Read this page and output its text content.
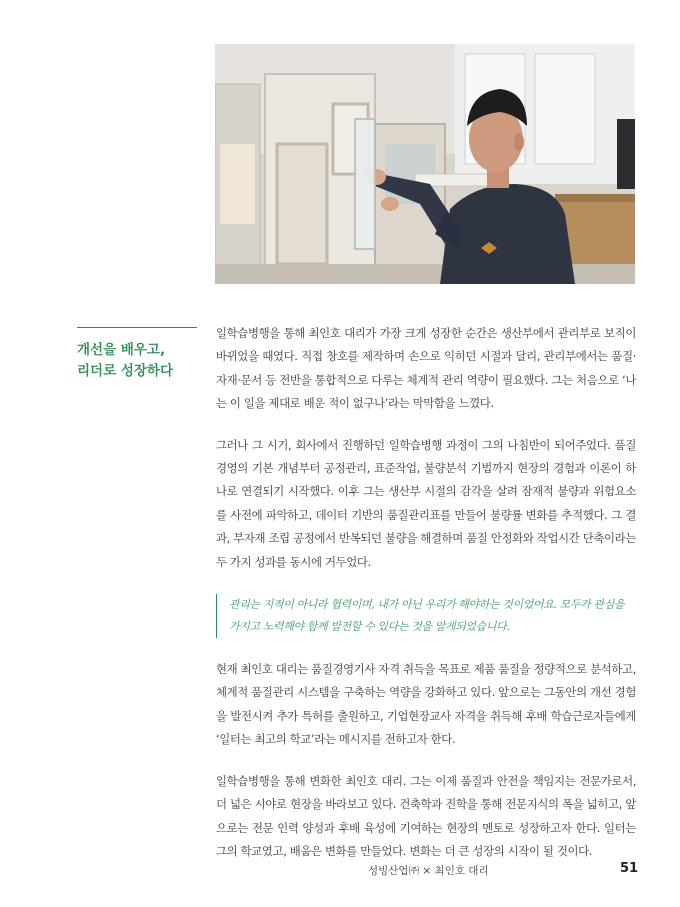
개선을 배우고,
리더로 성장하다

일학습병행을 통해 최인호 대리가 가장 크게 성장한 순간은 생산부에서 관리부로 보직이 바뀌었을 때였다. 직접 창호를 제작하며 손으로 익히던 시절과 달리, 관리부에서는 품질·자재·문서 등 전반을 통합적으로 다루는 체계적 관리 역량이 필요했다. 그는 처음으로 ‘나는 이 일을 제대로 배운 적이 없구나’라는 막막함을 느꼈다.

그러나 그 시기, 회사에서 진행하던 일학습병행 과정이 그의 나침반이 되어주었다. 품질경영의 기본 개념부터 공정관리, 표준작업, 불량분석 기법까지 현장의 경험과 이론이 하나로 연결되기 시작했다. 이후 그는 생산부 시절의 감각을 살려 잠재적 불량과 위험요소를 사전에 파악하고, 데이터 기반의 품질관리표를 만들어 불량률 변화를 추적했다. 그 결과, 부자재 조립 공정에서 반복되던 불량을 해결하며 품질 안정화와 작업시간 단축이라는 두 가지 성과를 동시에 거두었다.

관리는 지적이 아니라 협력이며, 내가 아닌 우리가 해야하는 것이었어요. 모두가 관심을 가지고 노력해야 함께 발전할 수 있다는 것을 알게되었습니다.

현재 최인호 대리는 품질경영기사 자격 취득을 목표로 제품 품질을 정량적으로 분석하고, 체계적 품질관리 시스템을 구축하는 역량을 강화하고 있다. 앞으로는 그동안의 개선 경험을 발전시켜 추가 특허를 출원하고, 기업현장교사 자격을 취득해 후배 학습근로자들에게 ‘일터는 최고의 학교’라는 메시지를 전하고자 한다.

일학습병행을 통해 변화한 최인호 대리. 그는 이제 품질과 안전을 책임지는 전문가로서, 더 넓은 시야로 현장을 바라보고 있다. 건축학과 진학을 통해 전문지식의 폭을 넓히고, 앞으로는 전문 인력 양성과 후배 육성에 기여하는 현장의 멘토로 성장하고자 한다. 일터는 그의 학교였고, 배움은 변화를 만들었다. 변화는 더 큰 성장의 시작이 될 것이다.

성빙산업㈜ × 최인호 대리	51
